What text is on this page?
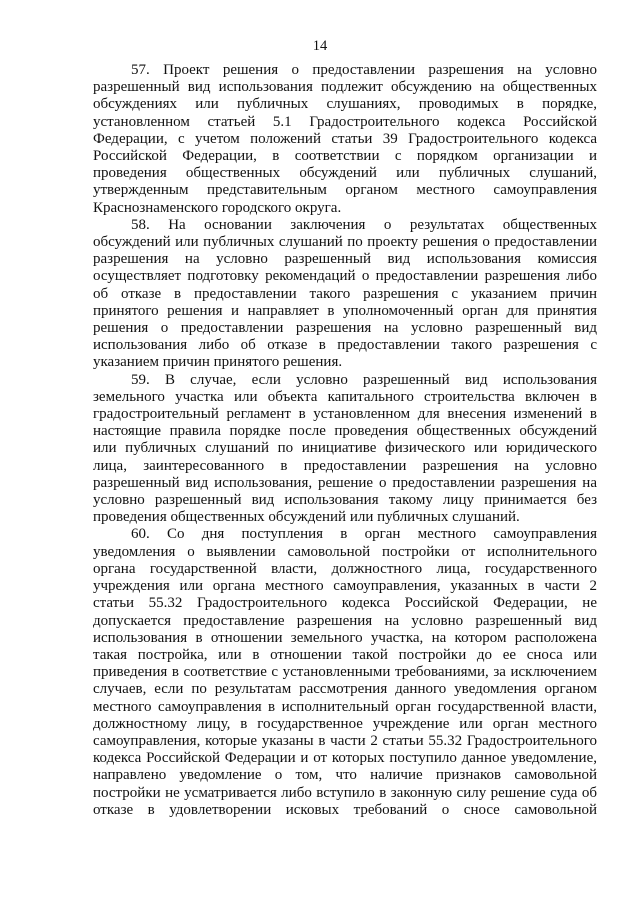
14
57. Проект решения о предоставлении разрешения на условно
разрешенный вид использования подлежит обсуждению на общественных
обсуждениях или публичных слушаниях, проводимых в порядке,
установленном статьей 5.1 Градостроительного кодекса Российской
Федерации, с учетом положений статьи 39 Градостроительного кодекса
Российской Федерации, в соответствии с порядком организации и
проведения общественных обсуждений или публичных слушаний,
утвержденным представительным органом местного самоуправления
Краснознаменского городского округа.
58. На основании заключения о результатах общественных
обсуждений или публичных слушаний по проекту решения о предоставлении
разрешения на условно разрешенный вид использования комиссия
осуществляет подготовку рекомендаций о предоставлении разрешения либо
об отказе в предоставлении такого разрешения с указанием причин
принятого решения и направляет в уполномоченный орган для принятия
решения о предоставлении разрешения на условно разрешенный вид
использования либо об отказе в предоставлении такого разрешения с
указанием причин принятого решения.
59. В случае, если условно разрешенный вид использования
земельного участка или объекта капитального строительства включен в
градостроительный регламент в установленном для внесения изменений в
настоящие правила порядке после проведения общественных обсуждений
или публичных слушаний по инициативе физического или юридического
лица, заинтересованного в предоставлении разрешения на условно
разрешенный вид использования, решение о предоставлении разрешения на
условно разрешенный вид использования такому лицу принимается без
проведения общественных обсуждений или публичных слушаний.
60. Со дня поступления в орган местного самоуправления
уведомления о выявлении самовольной постройки от исполнительного
органа государственной власти, должностного лица, государственного
учреждения или органа местного самоуправления, указанных в части 2
статьи 55.32 Градостроительного кодекса Российской Федерации, не
допускается предоставление разрешения на условно разрешенный вид
использования в отношении земельного участка, на котором расположена
такая постройка, или в отношении такой постройки до ее сноса или
приведения в соответствие с установленными требованиями, за исключением
случаев, если по результатам рассмотрения данного уведомления органом
местного самоуправления в исполнительный орган государственной власти,
должностному лицу, в государственное учреждение или орган местного
самоуправления, которые указаны в части 2 статьи 55.32 Градостроительного
кодекса Российской Федерации и от которых поступило данное уведомление,
направлено уведомление о том, что наличие признаков самовольной
постройки не усматривается либо вступило в законную силу решение суда об
отказе в удовлетворении исковых требований о сносе самовольной
